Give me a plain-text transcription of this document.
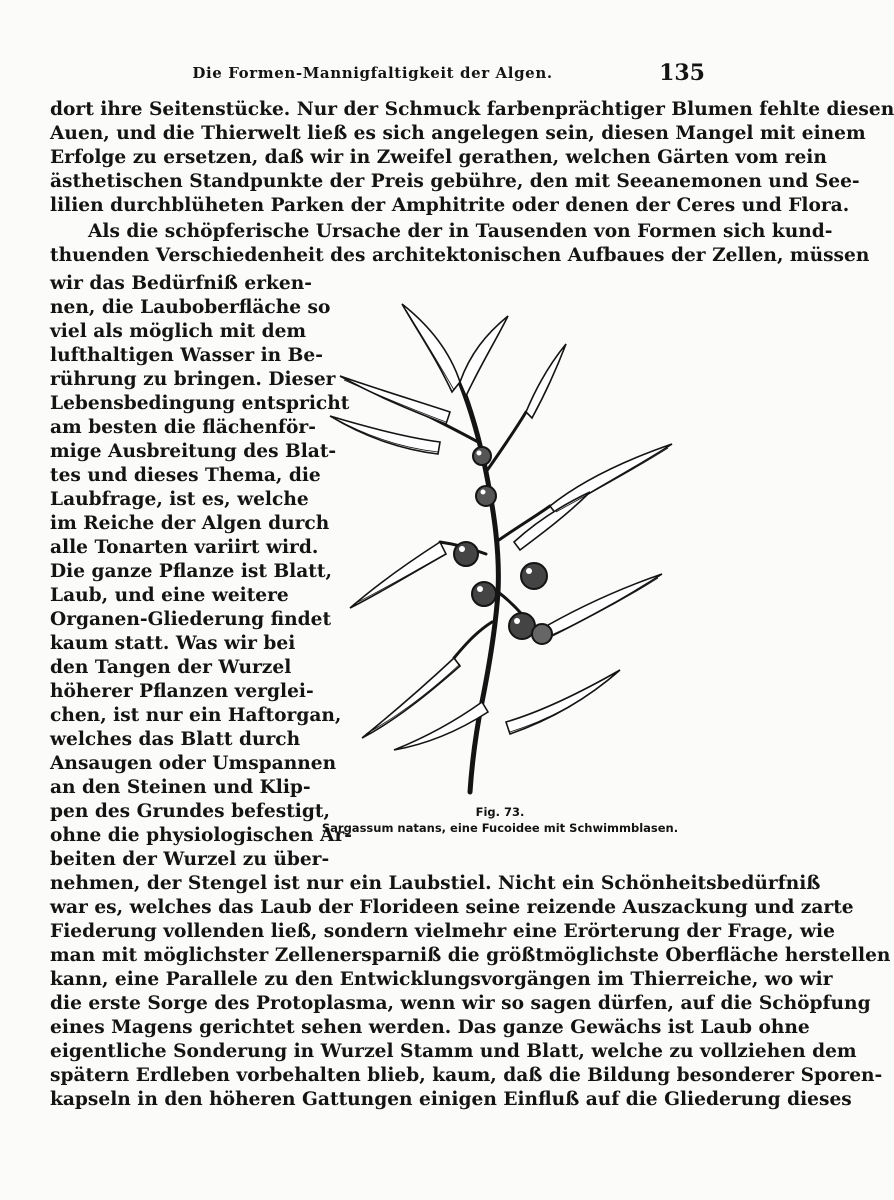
Die Formen-Mannigfaltigkeit der Algen.	135
dort ihre Seitenstücke. Nur der Schmuck farbenprächtiger Blumen fehlte diesen
Auen, und die Thierwelt ließ es sich angelegen sein, diesen Mangel mit einem
Erfolge zu ersetzen, daß wir in Zweifel gerathen, welchen Gärten vom rein
ästhetischen Standpunkte der Preis gebühre, den mit Seeanemonen und See-
lilien durchblüheten Parken der Amphitrite oder denen der Ceres und Flora.
Als die schöpferische Ursache der in Tausenden von Formen sich kund-
thuenden Verschiedenheit des architektonischen Aufbaues der Zellen, müssen
wir das Bedürfniß erken-
nen, die Lauboberfläche so
viel als möglich mit dem
lufthaltigen Wasser in Be-
rührung zu bringen. Dieser
Lebensbedingung entspricht
am besten die flächenför-
mige Ausbreitung des Blat-
tes und dieses Thema, die
Laubfrage, ist es, welche
im Reiche der Algen durch
alle Tonarten variirt wird.
Die ganze Pflanze ist Blatt,
Laub, und eine weitere
Organen-Gliederung findet
kaum statt. Was wir bei
den Tangen der Wurzel
höherer Pflanzen verglei-
chen, ist nur ein Haftorgan,
welches das Blatt durch
Ansaugen oder Umspannen
an den Steinen und Klip-
pen des Grundes befestigt,
ohne die physiologischen Ar-
beiten der Wurzel zu über-
Fig. 73.
Sargassum natans, eine Fucoidee mit Schwimmblasen.
nehmen, der Stengel ist nur ein Laubstiel. Nicht ein Schönheitsbedürfniß
war es, welches das Laub der Florideen seine reizende Auszackung und zarte
Fiederung vollenden ließ, sondern vielmehr eine Erörterung der Frage, wie
man mit möglichster Zellenersparniß die größtmöglichste Oberfläche herstellen
kann, eine Parallele zu den Entwicklungsvorgängen im Thierreiche, wo wir
die erste Sorge des Protoplasma, wenn wir so sagen dürfen, auf die Schöpfung
eines Magens gerichtet sehen werden. Das ganze Gewächs ist Laub ohne
eigentliche Sonderung in Wurzel Stamm und Blatt, welche zu vollziehen dem
spätern Erdleben vorbehalten blieb, kaum, daß die Bildung besonderer Sporen-
kapseln in den höheren Gattungen einigen Einfluß auf die Gliederung dieses
